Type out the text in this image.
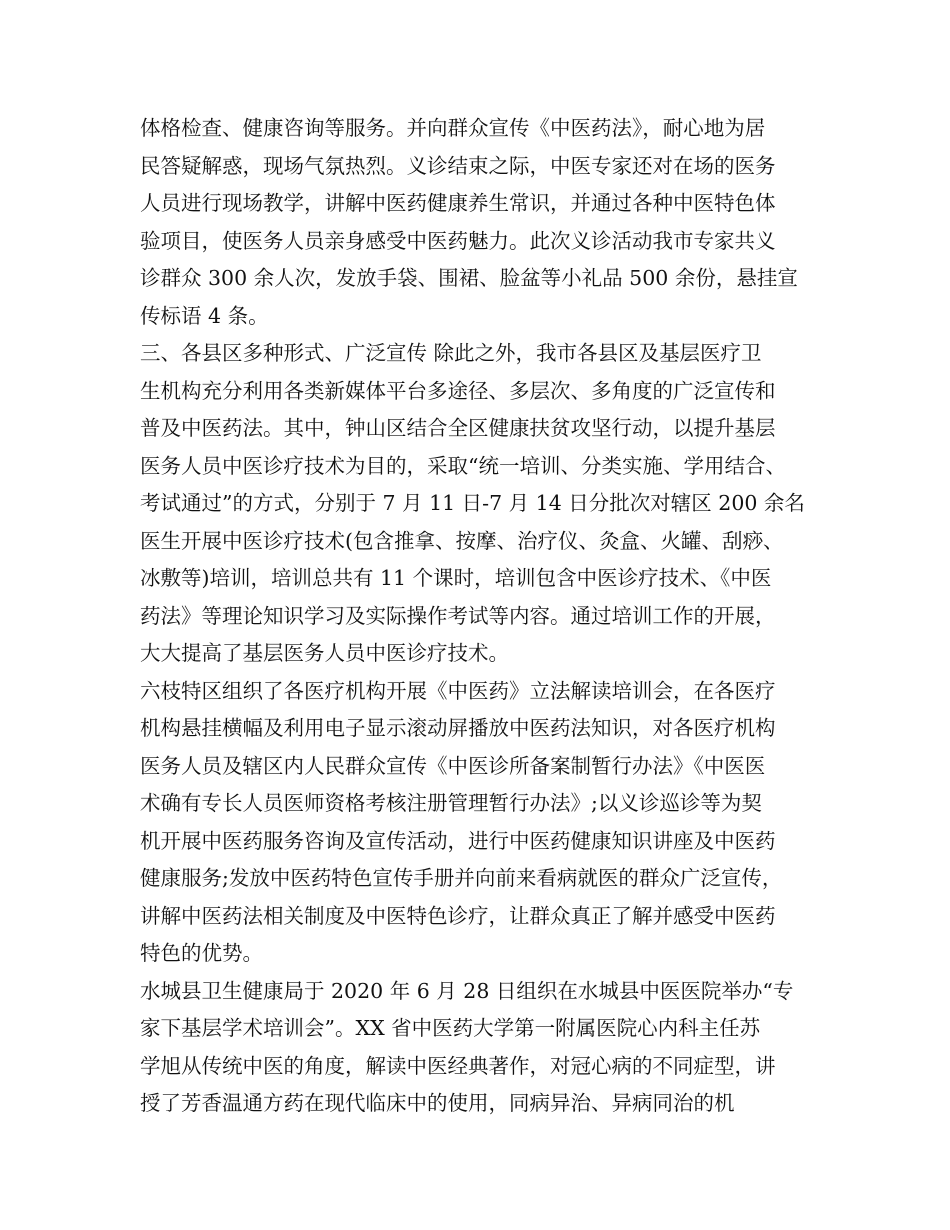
体格检查、健康咨询等服务。并向群众宣传《中医药法》，耐心地为居
民答疑解惑，现场气氛热烈。义诊结束之际，中医专家还对在场的医务
人员进行现场教学，讲解中医药健康养生常识，并通过各种中医特色体
验项目，使医务人员亲身感受中医药魅力。此次义诊活动我市专家共义
诊群众 300 余人次，发放手袋、围裙、脸盆等小礼品 500 余份，悬挂宣
传标语 4 条。
三、各县区多种形式、广泛宣传 除此之外，我市各县区及基层医疗卫
生机构充分利用各类新媒体平台多途径、多层次、多角度的广泛宣传和
普及中医药法。其中，钟山区结合全区健康扶贫攻坚行动，以提升基层
医务人员中医诊疗技术为目的，采取“统一培训、分类实施、学用结合、
考试通过”的方式，分别于 7 月 11 日-7 月 14 日分批次对辖区 200 余名
医生开展中医诊疗技术(包含推拿、按摩、治疗仪、灸盒、火罐、刮痧、
冰敷等)培训，培训总共有 11 个课时，培训包含中医诊疗技术、《中医
药法》等理论知识学习及实际操作考试等内容。通过培训工作的开展，
大大提高了基层医务人员中医诊疗技术。
六枝特区组织了各医疗机构开展《中医药》立法解读培训会，在各医疗
机构悬挂横幅及利用电子显示滚动屏播放中医药法知识，对各医疗机构
医务人员及辖区内人民群众宣传《中医诊所备案制暂行办法》《中医医
术确有专长人员医师资格考核注册管理暂行办法》;以义诊巡诊等为契
机开展中医药服务咨询及宣传活动，进行中医药健康知识讲座及中医药
健康服务;发放中医药特色宣传手册并向前来看病就医的群众广泛宣传，
讲解中医药法相关制度及中医特色诊疗，让群众真正了解并感受中医药
特色的优势。
水城县卫生健康局于 2020 年 6 月 28 日组织在水城县中医医院举办“专
家下基层学术培训会”。XX 省中医药大学第一附属医院心内科主任苏
学旭从传统中医的角度，解读中医经典著作，对冠心病的不同症型，讲
授了芳香温通方药在现代临床中的使用，同病异治、异病同治的机
